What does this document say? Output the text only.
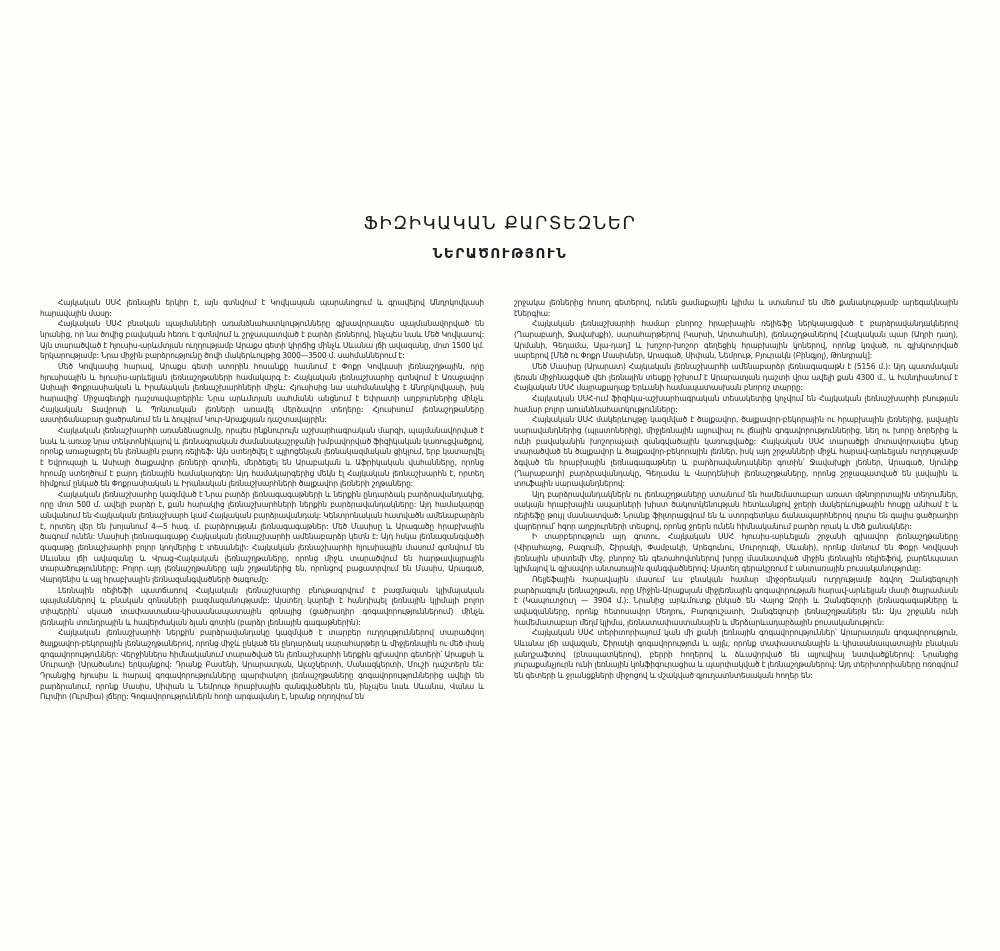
ՖԻԶԻԿԱԿԱՆ ՔԱՐՏԵԶՆԵՐ
ՆԵՐԱԾՈՒԹՅՈՒՆ

Հայկական ՍՍՀ լեռնային երկիր է, այն գտնվում է Կովկասյան պարանոցում և գրավելով Անդրկովկասի հարավային մասը:

Հայկական ՍՍՀ բնական պայմանների առանձնահատկությունները գլխավորապես պայմանավորված են նրանից, որ նա ծովից բավական հեռու է գտնվում և շրջապատված է բարձր լեռներով, ինչպես նաև Մեծ Կովկասով: Այն տարածված է հյուսիս-արևմտյան ուղղությամբ Արաքս գետի կիրճից մինչև Սևանա լճի ավազանը, մոտ 1500 կմ. երկարությամբ: Նրա միջին բարձրությունը ծովի մակերևույթից 3000—3500 մ. սահմաններում է:

Մեծ Կովկասից հարավ, Արաքս գետի ստորին հոսանքը հասնում է Փոքր Կովկասի լեռնաշղթային, որը հյուսիսային և հյուսիս-արևելյան լեռնաշղթաների համակարգ է: Հայկական լեռնաշխարհը գտնվում է Առաջավոր Ասիայի Փոքրասիական և Իրանական լեռնաշխարհների միջև: Հյուսիսից նա սահմանակից է Անդրկովկասի, իսկ հարավից՝ Միջագետքի դաշտավայրերին: Նրա արևմտյան սահմանն անցնում է Եփրատի աղբյուրներից մինչև Հայկական Տավրոսի և Պոնտական լեռների առավել մերձավոր տեղերը: Հյուսիսում լեռնաշղթաները աստիճանաբար ցածրանում են և ձուլվում Կուր-Արաքսյան դաշտավայրին:

Հայկական լեռնաշխարհի առանձնացումը, որպես ինքնուրույն աշխարհագրական մարզի, պայմանավորված է նաև և առաջ նրա տեկտոնիկայով և լեռնագրական ժամանակաշրջանի խմբավորված ֆիզիկական կառուցվածքով, որոնք առաջացրել են լեռնային բարդ ռելիեֆ: Այն ստեղծվել է պլիոցենյան լեռնակազմական ցիկլում, երբ կատարվել է Եվրոպայի և Ասիայի ծալքավոր լեռների գոտին, մերձեցել են Արաբական և Աֆրիկական վահանները, որոնց հրումը ստեղծում է բարդ լեռնային համակարգեր: Այդ համակարգերից մեկն էլ Հայկական լեռնաշխարհն է, որտեղ հիմքում ընկած են Փոքրասիական և Իրանական լեռնաշխարհների ծալքավոր լեռների շղթաները:

Հայկական լեռնաշխարհը կազմված է Նրա բարձր լեռնագագաթների և ներքին ընդարձակ բարձրավանդակից, որը մոտ 500 մ. ավելի բարձր է, քան հարակից լեռնաշխարհների ներքին բարձրավանդակները: Այդ համակարգը անվանում են Հայկական լեռնաշխարհ կամ Հայկական բարձրավանդակ: Կենտրոնական հատվածն ամենաբարձրն է, որտեղ վեր են խոյանում 4—5 հազ. մ. բարձրության լեռնագագաթներ: Մեծ Մասիսը և Արագածը հրաբխային ծագում ունեն: Մասիսի լեռնագագաթը Հայկական լեռնաշխարհի ամենաբարձր կետն է: Այդ հսկա լեռնազանգվածի գագաթը լեռնաշխարհի բոլոր կողմերից է տեսանելի: Հայկական լեռնաշխարհի հյուսիսային մասում գտնվում են Սևանա լճի ավազանը և Վրաց-Հայկական լեռնաշղթաները, որոնց միջև տարածվում են հարթավայրային տարածությունները: Բոլոր այդ լեռնաշղթաները այն շղթաներից են, որոնցով բացատրվում են Մասիս, Արագած, Վարդենիս և այլ հրաբխային լեռնազանգվածների ծագումը:

Լեռնային ռելիեֆի պատճառով Հայկական լեռնաշխարհը բնութագրվում է բազմազան կլիմայական պայմաններով և բնական զոնաների բազմազանությամբ: Այստեղ կարելի է հանդիպել լեռնային կլիմայի բոլոր տիպերին՝ սկսած տափաստանա-կիսաանապատային զոնայից (ցածրադիր գոգավորություններում) մինչև լեռնային տունդրային և հավերժական ձյան գոտին (բարձր լեռնային գագաթներին):

Հայկական լեռնաշխարհի ներքին բարձրավանդակը կազմված է տարբեր ուղղություններով տարածվող ծալքավոր-բեկորային լեռնաշղթաներով, որոնց միջև ընկած են ընդարձակ սարահարթեր և միջլեռնային ու մեծ փակ գոգավորություններ: Վերջիններս հիմնականում տարածված են լեռնաշխարհի ներքին գլխավոր գետերի՝ Արաքսի և Մուրադի (Արածանու) երկայնքով: Դրանք Բասենի, Արարատյան, Ալաշկերտի, Մանազկերտի, Մուշի դաշտերն են: Դրանցից հյուսիս և հարավ գոգավորությունները պարփակող լեռնաշղթաները գոգավորություններից ավելի են բարձրանում, որոնք Մասիս, Սիփան և Նեմրութ հրաբխային զանգվածներն են, ինչպես նաև Սևանա, Վանա և Ուրմիո (Ուրմիա) լճերը: Գոգավորություններն հողի արգավանդ է, նրանք ողողվում են

շրջակա լեռներից հոսող գետերով, ունեն ցամաքային կլիմա և ստանում են մեծ քանակությամբ արեգակնային էներգիա:

Հայկական լեռնաշխարհի համար բնորոշ հրաբխային ռելիեֆը ներկայացված է բարձրավանդակներով (Ղարաբաղի, Ջավախքի), սարահարթերով (Կարսի, Արտահանի), լեռնաշղթաներով [Հայկական պար (Աղրի դաղ), Արմանի, Գեղամա, Ալա-դաղ] և խոշոր-խոշոր գեղեցիկ հրաբխային կոներով, որոնք կռված, ու գլխկոտրված սարերով [Մեծ ու Փոքր Մասիսներ, Արագած, Սիփան, Նեմրութ, Բյուրակն (Բինգյոլ), Թոնդրակ]:

Մեծ Մասիսը (Արարատ) Հայկական լեռնաշխարհի ամենաբարձր լեռնագագաթն է (5156 մ.): Այդ պատմական լեռան միջինացված վեհ լեռնային տեսքը իշխում է Արարատյան դաշտի վրա ավելի քան 4300 մ., և հանդիսանում է Հայկական ՍՍՀ մայրաքաղաք Երևանի համապատասխան բնորոշ տարրը:

Հայկական ՍՍՀ-ում ֆիզիկա-աշխարհագրական տեսակետից կոչվում են Հայկական լեռնաշխարհի բնության համար բոլոր առանձնահատկությունները:

Հայկական ՍՍՀ մակերևույթը կազմված է ծալքավոր, ծալքավոր-բեկորային ու հրաբխային լեռներից, լավային սարավանդներից (պլատոներից), միջլեռնային ալյուվիալ ու լճային գոգավորություններից, նեղ ու խորը ձորերից և ունի բավականին խոշորաչափ զանգվածային կառուցվածք: Հայկական ՍՍՀ տարածքի մոտավորապես կեսը տարածված են ծալքավոր և ծալքավոր-բեկորային լեռներ, իսկ այդ շրջանների միջև հարավ-արևելյան ուղղությամբ ձգված են հրաբխային լեռնագագաթներ և բարձրավանդակներ գոտին՝ Ջավախքի լեռներ, Արագած, Սյունիք (Ղարաբաղի) բարձրավանդակը, Գեղամա և Վարդենիսի լեռնաշղթաները, որոնց շրջապատված են լավային և տուֆային սարավանդներով:

Այդ բարձրավանդակներն ու լեռնաշղթաները ստանում են համեմատաբար առատ մթնոլորտային տեղումներ, սակայն հրաբխային ապարների խիստ ծակոտկենության հետևանքով ջրերի մակերևույթային հոսքը անհամ է և ռելիեֆը թույլ մասնատված: Նրանք ֆիլտրացվում են և ստորգետնյա ճանապարհներով դուրս են գալիս ցածրադիր վայրերում՝ հզոր աղբյուրների տեսքով, որոնց ջրերն ունեն հիմնականում բարձր որակ և մեծ քանակներ:

Ի տարբերություն այդ գոտու, Հայկական ՍՍՀ հյուսիս-արևելյան շրջանի գլխավոր լեռնաշղթաները (Վիրահայոց, Բազումի, Շիրակի, Փամբակի, Արեգունու, Մուրղուզի, Սևանի), որոնք մտնում են Փոքր Կովկասի լեռնային սիստեմի մեջ, բնորոշ են գետահովտներով խորը մասնատված միջին լեռնային ռելիեֆով, բարենպաստ կլիմայով և գլխավոր անտառային զանգվածներով: Այստեղ գերակշռում է անտառային բուսականությունը:

Ռելյեֆային հարավային մասում ևս բնական համար միջօրեական ուղղությամբ ձգվող Զանգեզուրի բարձրագույն լեռնաշղթան, որը Միջին-Արաքսյան միջլեռնային գոգավորության հարավ-արևելյան մասի ծայրամասն է (Կապուտջուղ — 3904 մ.): Նրանից արևմուտք ընկած են Վայոց Ձորի և Զանգեզուրի լեռնագագաթները և ավազանները, որոնք հետոսավոր Մեղրու, Բարգուշատի, Զանգեզուրի լեռնաշղթաներն են: Այս շրջանն ունի համեմատաբար մեղմ կլիմա, լեռնատափաստանային և մերձարևադարձային բուսականություն:

Հայկական ՍՍՀ տերիտորիայում կան մի քանի լեռնային գոգավորություններ՝ Արարատյան գոգավորություն, Սևանա լճի ավազան, Շիրակի գոգավորություն և այլն, որոնք տափաստանային և կիսաանապատային բնական լանդշաֆտով (բնապատկերով), բերրի հողերով և ձևավորված են ալյուվիալ նստվածքներով: Նրանցից յուրաքանչյուրն ունի լեռնային կոնֆիգուրացիա և պարփակված է լեռնաշղթաներով: Այդ տերիտորիաները ոռոգվում են գետերի և ջրանցքների միջոցով և մշակված գյուղատնտեսական հողեր են:
